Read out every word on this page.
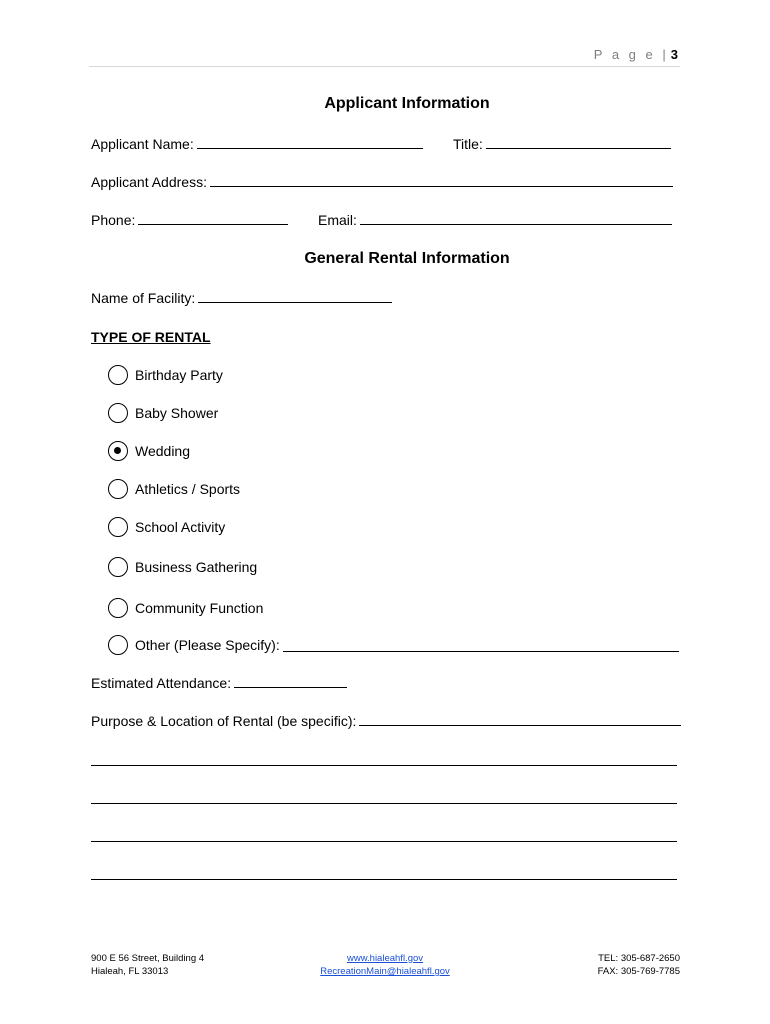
P a g e | 3
Applicant Information
Applicant Name:	Title:
Applicant Address:
Phone:	Email:
General Rental Information
Name of Facility:
TYPE OF RENTAL
Birthday Party
Baby Shower
Wedding
Athletics / Sports
School Activity
Business Gathering
Community Function
Other (Please Specify):
Estimated Attendance:
Purpose & Location of Rental (be specific):
900 E 56 Street, Building 4
Hialeah, FL 33013
www.hialeahfl.gov
RecreationMain@hialeahfl.gov
TEL: 305-687-2650
FAX: 305-769-7785
